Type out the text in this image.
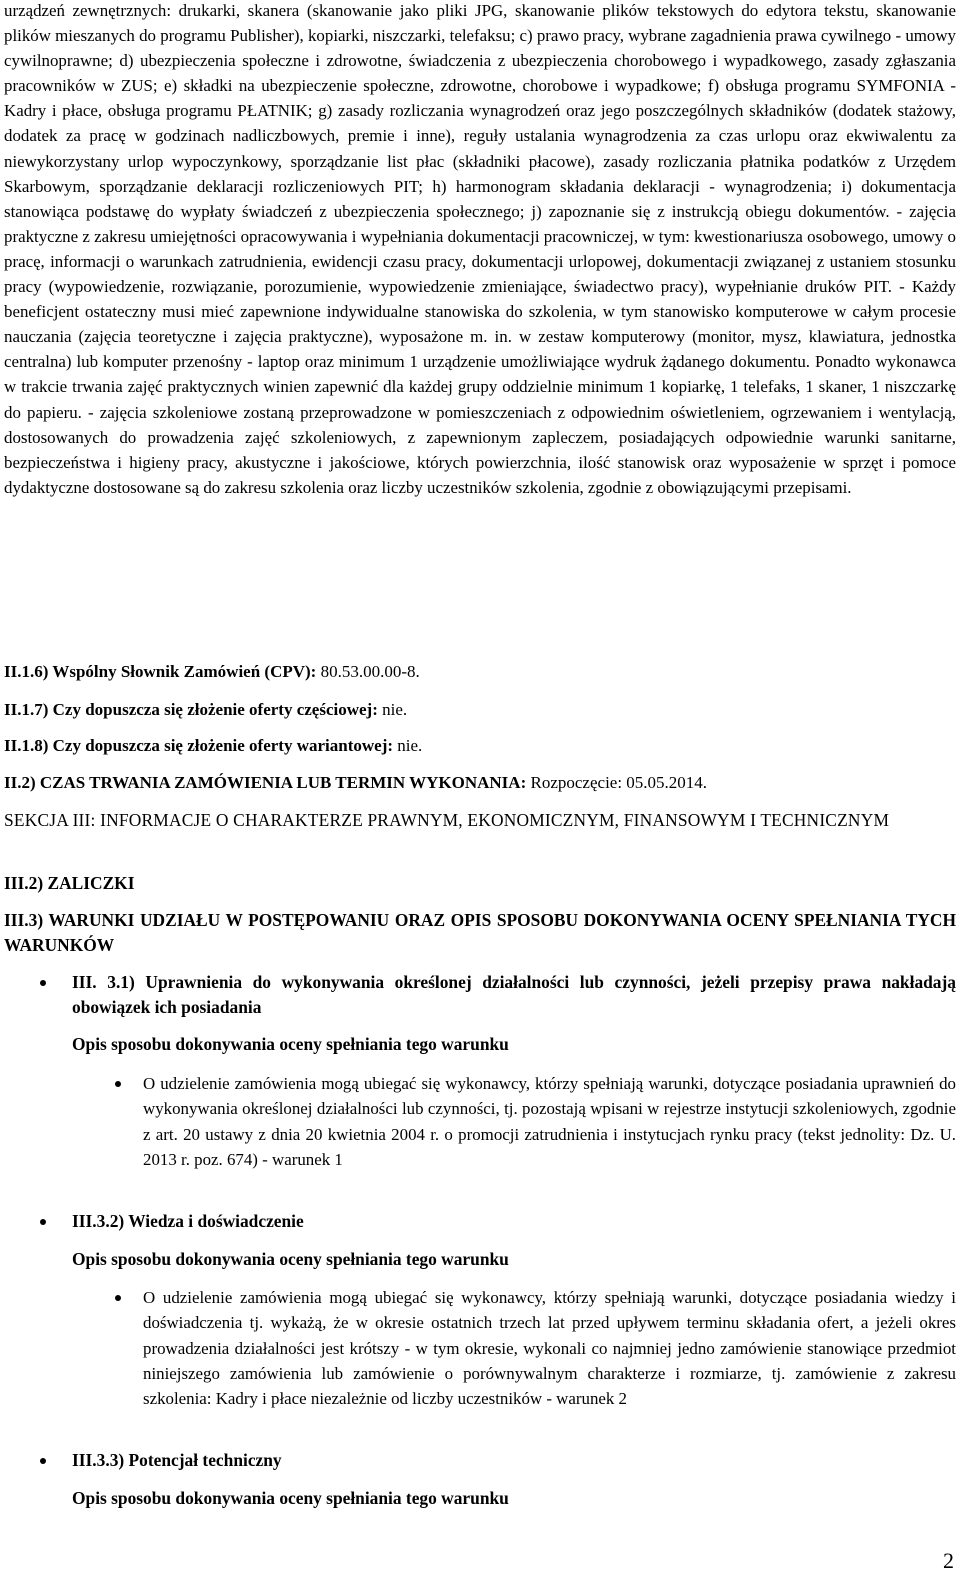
urządzeń zewnętrznych: drukarki, skanera (skanowanie jako pliki JPG, skanowanie plików tekstowych do edytora tekstu, skanowanie plików mieszanych do programu Publisher), kopiarki, niszczarki, telefaksu; c) prawo pracy, wybrane zagadnienia prawa cywilnego - umowy cywilnoprawne; d) ubezpieczenia społeczne i zdrowotne, świadczenia z ubezpieczenia chorobowego i wypadkowego, zasady zgłaszania pracowników w ZUS; e) składki na ubezpieczenie społeczne, zdrowotne, chorobowe i wypadkowe; f) obsługa programu SYMFONIA - Kadry i płace, obsługa programu PŁATNIK; g) zasady rozliczania wynagrodzeń oraz jego poszczególnych składników (dodatek stażowy, dodatek za pracę w godzinach nadliczbowych, premie i inne), reguły ustalania wynagrodzenia za czas urlopu oraz ekwiwalentu za niewykorzystany urlop wypoczynkowy, sporządzanie list płac (składniki płacowe), zasady rozliczania płatnika podatków z Urzędem Skarbowym, sporządzanie deklaracji rozliczeniowych PIT; h) harmonogram składania deklaracji - wynagrodzenia; i) dokumentacja stanowiąca podstawę do wypłaty świadczeń z ubezpieczenia społecznego; j) zapoznanie się z instrukcją obiegu dokumentów. - zajęcia praktyczne z zakresu umiejętności opracowywania i wypełniania dokumentacji pracowniczej, w tym: kwestionariusza osobowego, umowy o pracę, informacji o warunkach zatrudnienia, ewidencji czasu pracy, dokumentacji urlopowej, dokumentacji związanej z ustaniem stosunku pracy (wypowiedzenie, rozwiązanie, porozumienie, wypowiedzenie zmieniające, świadectwo pracy), wypełnianie druków PIT. - Każdy beneficjent ostateczny musi mieć zapewnione indywidualne stanowiska do szkolenia, w tym stanowisko komputerowe w całym procesie nauczania (zajęcia teoretyczne i zajęcia praktyczne), wyposażone m. in. w zestaw komputerowy (monitor, mysz, klawiatura, jednostka centralna) lub komputer przenośny - laptop oraz minimum 1 urządzenie umożliwiające wydruk żądanego dokumentu. Ponadto wykonawca w trakcie trwania zajęć praktycznych winien zapewnić dla każdej grupy oddzielnie minimum 1 kopiarkę, 1 telefaks, 1 skaner, 1 niszczarkę do papieru. - zajęcia szkoleniowe zostaną przeprowadzone w pomieszczeniach z odpowiednim oświetleniem, ogrzewaniem i wentylacją, dostosowanych do prowadzenia zajęć szkoleniowych, z zapewnionym zapleczem, posiadających odpowiednie warunki sanitarne, bezpieczeństwa i higieny pracy, akustyczne i jakościowe, których powierzchnia, ilość stanowisk oraz wyposażenie w sprzęt i pomoce dydaktyczne dostosowane są do zakresu szkolenia oraz liczby uczestników szkolenia, zgodnie z obowiązującymi przepisami.

II.1.6) Wspólny Słownik Zamówień (CPV): 80.53.00.00-8.

II.1.7) Czy dopuszcza się złożenie oferty częściowej: nie.

II.1.8) Czy dopuszcza się złożenie oferty wariantowej: nie.

II.2) CZAS TRWANIA ZAMÓWIENIA LUB TERMIN WYKONANIA: Rozpoczęcie: 05.05.2014.

SEKCJA III: INFORMACJE O CHARAKTERZE PRAWNYM, EKONOMICZNYM, FINANSOWYM I TECHNICZNYM

III.2) ZALICZKI

III.3) WARUNKI UDZIAŁU W POSTĘPOWANIU ORAZ OPIS SPOSOBU DOKONYWANIA OCENY SPEŁNIANIA TYCH WARUNKÓW

III. 3.1) Uprawnienia do wykonywania określonej działalności lub czynności, jeżeli przepisy prawa nakładają obowiązek ich posiadania

Opis sposobu dokonywania oceny spełniania tego warunku

O udzielenie zamówienia mogą ubiegać się wykonawcy, którzy spełniają warunki, dotyczące posiadania uprawnień do wykonywania określonej działalności lub czynności, tj. pozostają wpisani w rejestrze instytucji szkoleniowych, zgodnie z art. 20 ustawy z dnia 20 kwietnia 2004 r. o promocji zatrudnienia i instytucjach rynku pracy (tekst jednolity: Dz. U. 2013 r. poz. 674) - warunek 1

III.3.2) Wiedza i doświadczenie

Opis sposobu dokonywania oceny spełniania tego warunku

O udzielenie zamówienia mogą ubiegać się wykonawcy, którzy spełniają warunki, dotyczące posiadania wiedzy i doświadczenia tj. wykażą, że w okresie ostatnich trzech lat przed upływem terminu składania ofert, a jeżeli okres prowadzenia działalności jest krótszy - w tym okresie, wykonali co najmniej jedno zamówienie stanowiące przedmiot niniejszego zamówienia lub zamówienie o porównywalnym charakterze i rozmiarze, tj. zamówienie z zakresu szkolenia: Kadry i płace niezależnie od liczby uczestników - warunek 2

III.3.3) Potencjał techniczny

Opis sposobu dokonywania oceny spełniania tego warunku

2
